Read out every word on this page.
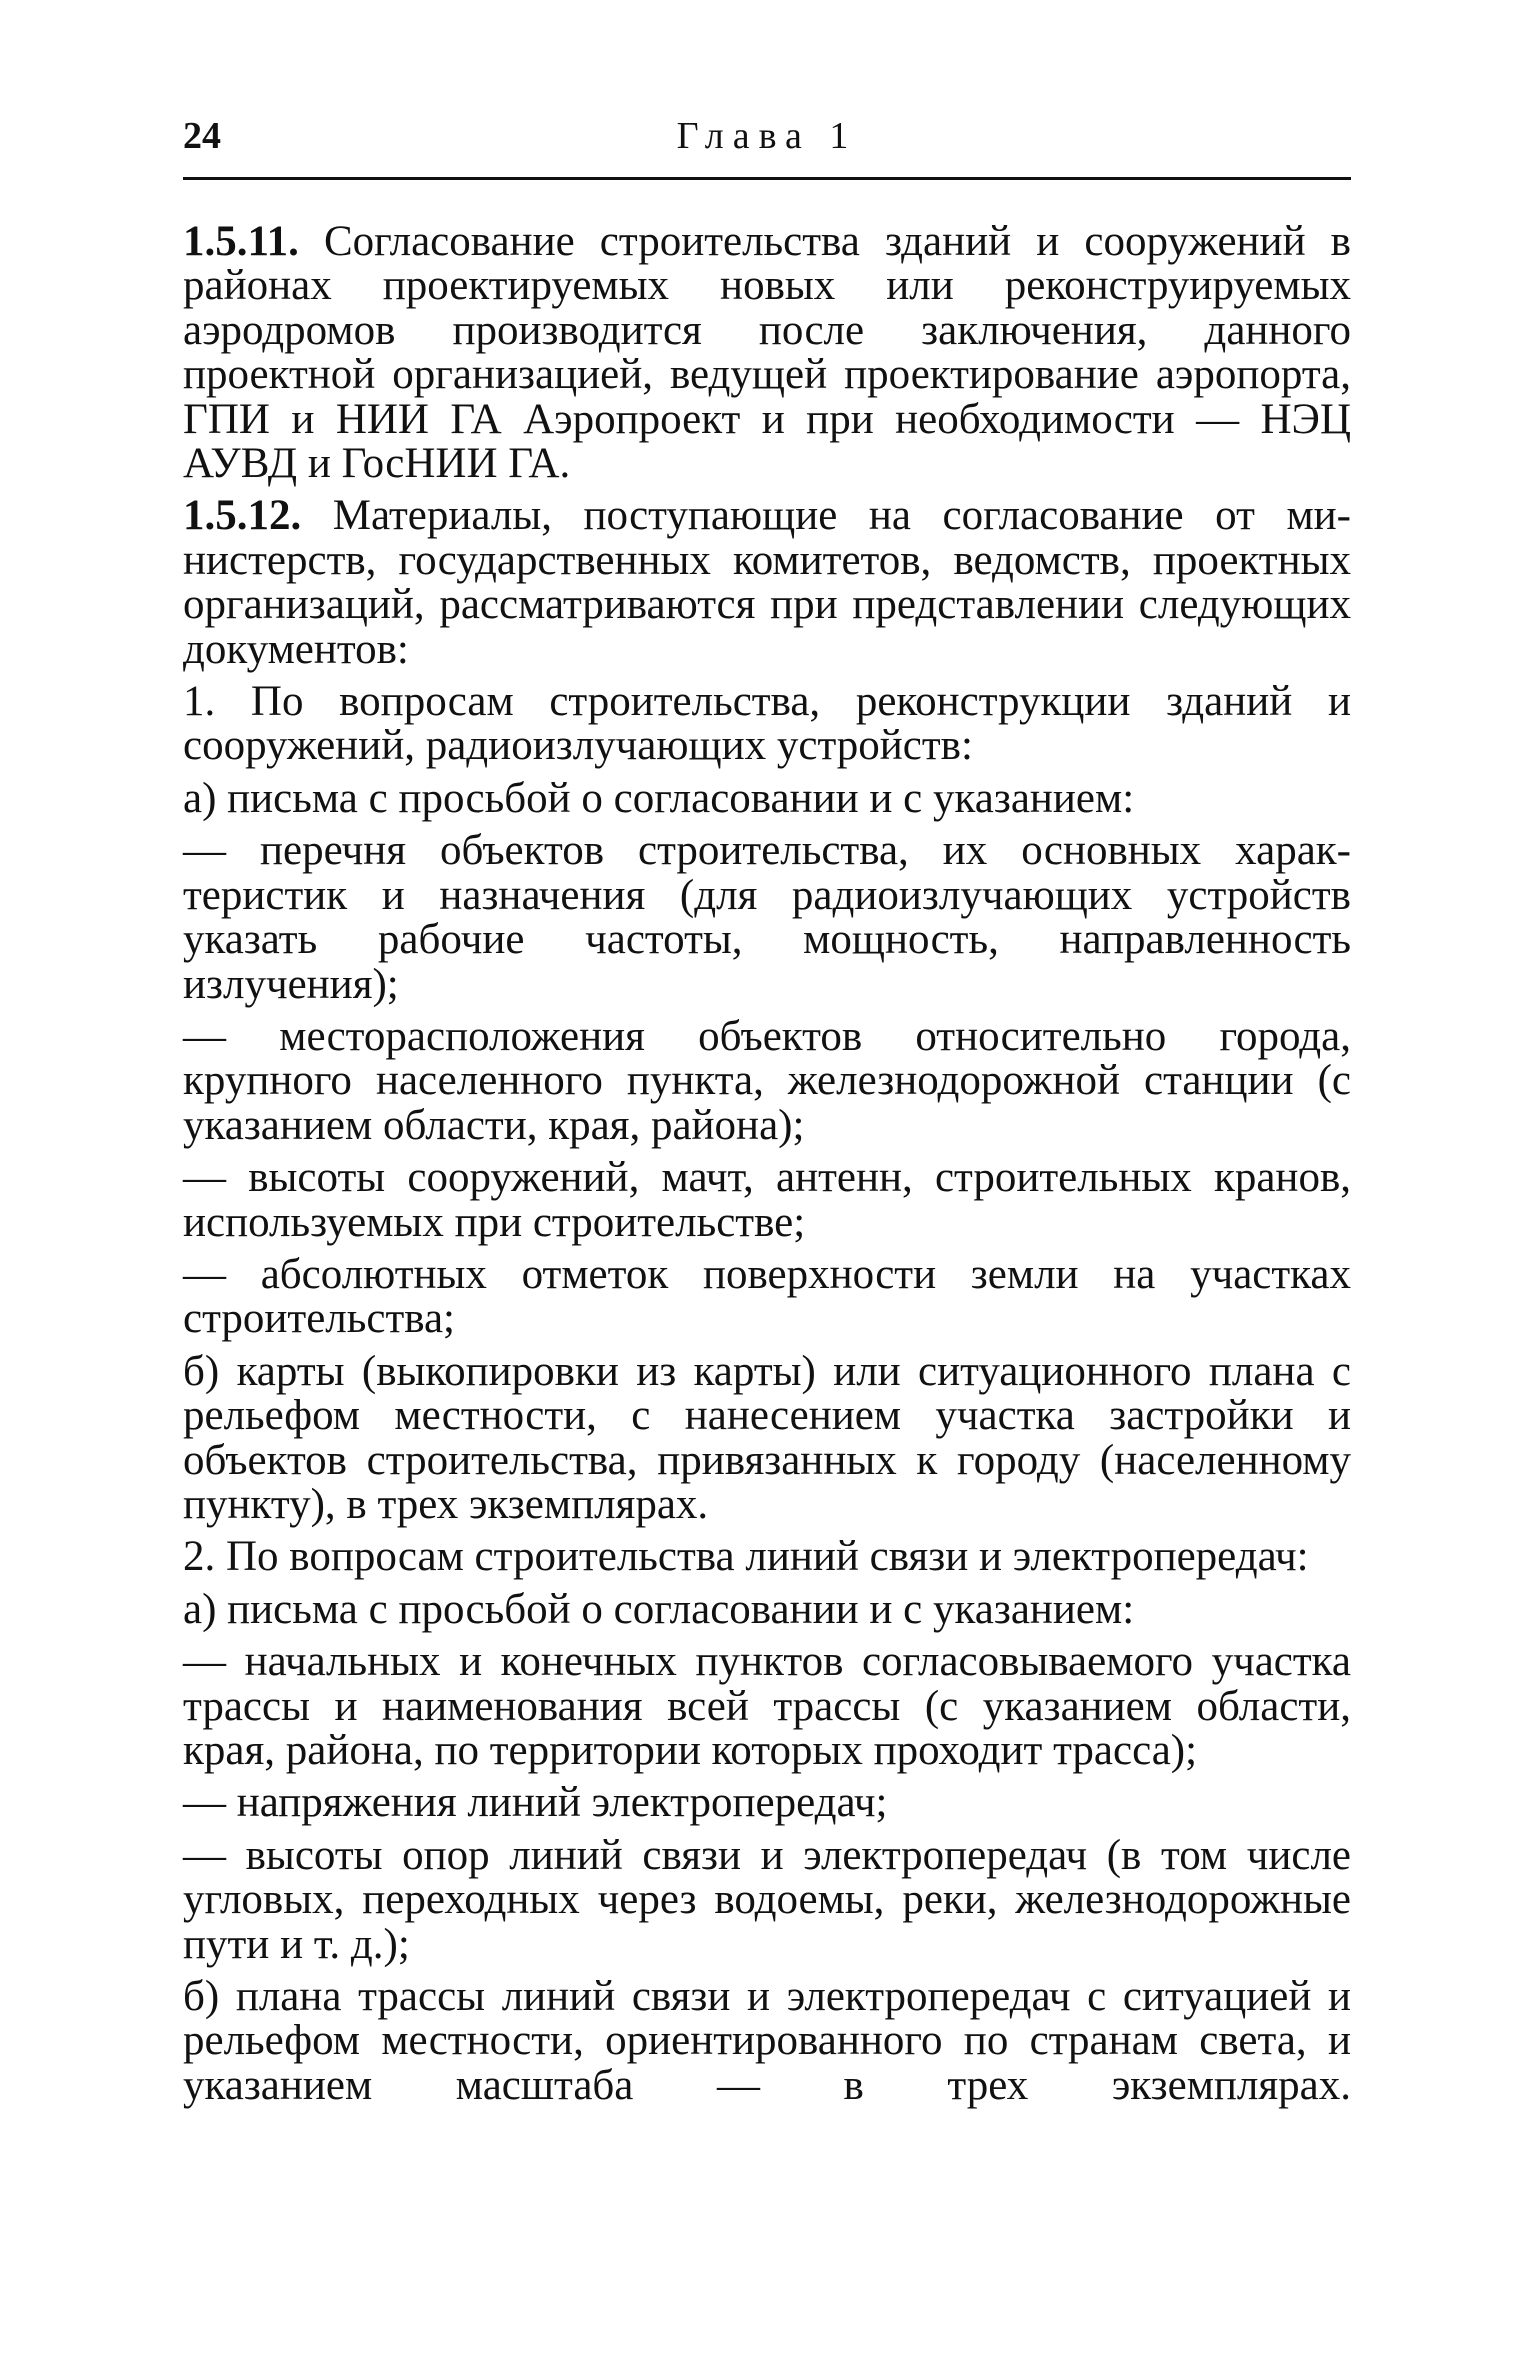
24	Глава 1

1.5.11. Согласование строительства зданий и сооружений в районах проектируемых новых или реконструируемых аэродромов производится после заключения, данного проектной организацией, ведущей проектирование аэропорта, ГПИ и НИИ ГА Аэропроект и при необходимости — НЭЦ АУВД и ГосНИИ ГА.

1.5.12. Материалы, поступающие на согласование от министерств, государственных комитетов, ведомств, проектных организаций, рассматриваются при представлении следующих документов:

1. По вопросам строительства, реконструкции зданий и сооружений, радиоизлучающих устройств:

а) письма с просьбой о согласовании и с указанием:

— перечня объектов строительства, их основных характеристик и назначения (для радиоизлучающих устройств указать рабочие частоты, мощность, направленность излучения);

— месторасположения объектов относительно города, крупного населенного пункта, железнодорожной станции (с указанием области, края, района);

— высоты сооружений, мачт, антенн, строительных кранов, используемых при строительстве;

— абсолютных отметок поверхности земли на участках строительства;

б) карты (выкопировки из карты) или ситуационного плана с рельефом местности, с нанесением участка застройки и объектов строительства, привязанных к городу (населенному пункту), в трех экземплярах.

2. По вопросам строительства линий связи и электропередач:

а) письма с просьбой о согласовании и с указанием:

— начальных и конечных пунктов согласовываемого участка трассы и наименования всей трассы (с указанием области, края, района, по территории которых проходит трасса);

— напряжения линий электропередач;

— высоты опор линий связи и электропередач (в том числе угловых, переходных через водоемы, реки, железнодорожные пути и т. д.);

б) плана трассы линий связи и электропередач с ситуацией и рельефом местности, ориентированного по странам света, и указанием масштаба — в трех экземплярах.
